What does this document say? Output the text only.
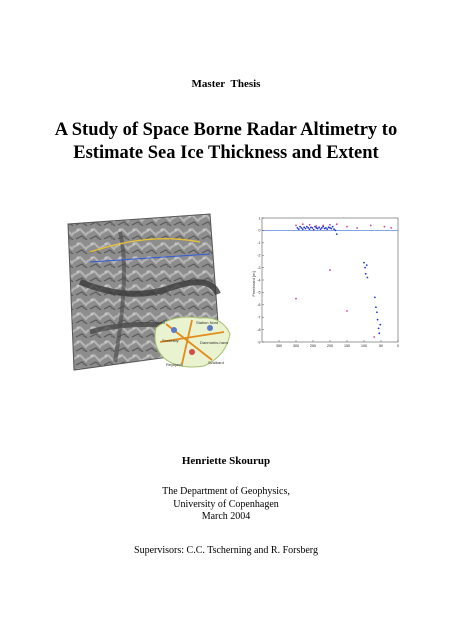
Master Thesis
A Study of Space Borne Radar Altimetry to
Estimate Sea Ice Thickness and Extent
Nord	Station Nord
Scoresby	Danmarks-havn
Reykjavik	Svalbard
1
0
-1
-2
-3
-4
-5
-6
-7
-8
-9
350	300	250	200	150	100	50	0
Freeboard [m]
Henriette Skourup
The Department of Geophysics,
University of Copenhagen
March 2004
Supervisors: C.C. Tscherning and R. Forsberg
